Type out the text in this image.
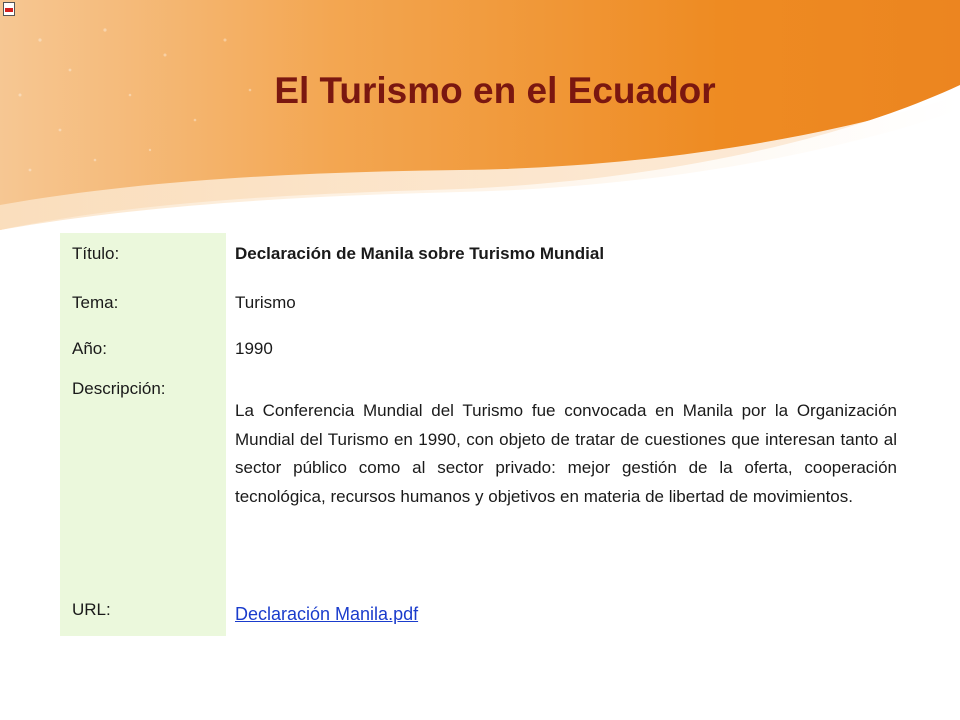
El Turismo en el Ecuador
Título:	Declaración de Manila sobre Turismo Mundial
Tema:	Turismo
Año:	1990
Descripción:
La Conferencia Mundial del Turismo fue convocada en Manila por la Organización Mundial del Turismo en 1990, con objeto de tratar de cuestiones que interesan tanto al sector público como al sector privado: mejor gestión de la oferta, cooperación tecnológica, recursos humanos y objetivos en materia de libertad de movimientos.
URL:	Declaración Manila.pdf
